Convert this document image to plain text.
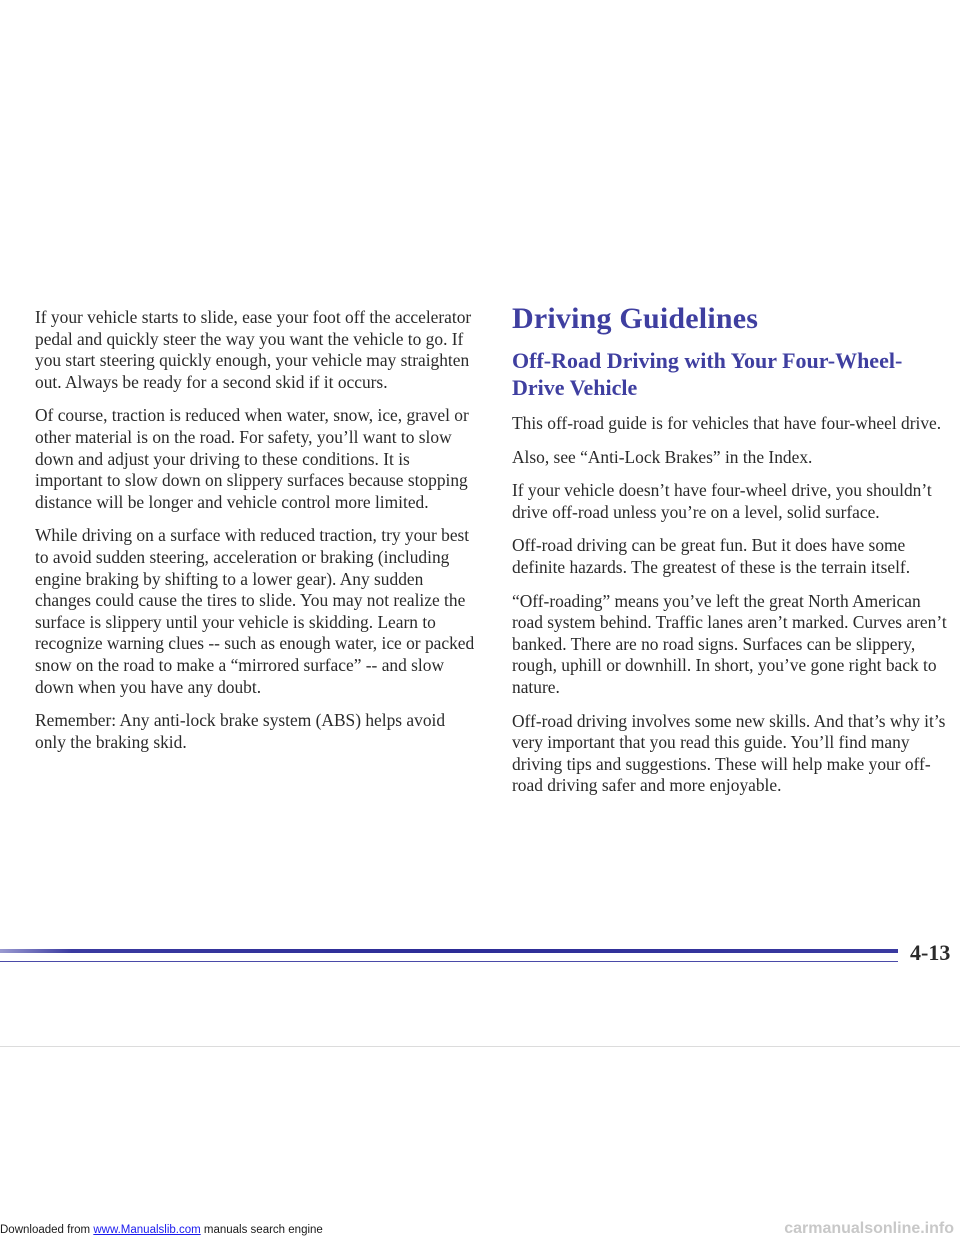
If your vehicle starts to slide, ease your foot off the accelerator pedal and quickly steer the way you want the vehicle to go. If you start steering quickly enough, your vehicle may straighten out. Always be ready for a second skid if it occurs.

Of course, traction is reduced when water, snow, ice, gravel or other material is on the road. For safety, you’ll want to slow down and adjust your driving to these conditions. It is important to slow down on slippery surfaces because stopping distance will be longer and vehicle control more limited.

While driving on a surface with reduced traction, try your best to avoid sudden steering, acceleration or braking (including engine braking by shifting to a lower gear). Any sudden changes could cause the tires to slide. You may not realize the surface is slippery until your vehicle is skidding. Learn to recognize warning clues -- such as enough water, ice or packed snow on the road to make a “mirrored surface” -- and slow down when you have any doubt.

Remember: Any anti-lock brake system (ABS) helps avoid only the braking skid.

Driving Guidelines
Off-Road Driving with Your Four-Wheel-Drive Vehicle

This off-road guide is for vehicles that have four-wheel drive.

Also, see “Anti-Lock Brakes” in the Index.

If your vehicle doesn’t have four-wheel drive, you shouldn’t drive off-road unless you’re on a level, solid surface.

Off-road driving can be great fun. But it does have some definite hazards. The greatest of these is the terrain itself.

“Off-roading” means you’ve left the great North American road system behind. Traffic lanes aren’t marked. Curves aren’t banked. There are no road signs. Surfaces can be slippery, rough, uphill or downhill. In short, you’ve gone right back to nature.

Off-road driving involves some new skills. And that’s why it’s very important that you read this guide. You’ll find many driving tips and suggestions. These will help make your off-road driving safer and more enjoyable.

4-13
Downloaded from www.Manualslib.com manuals search engine	carmanualsonline.info
